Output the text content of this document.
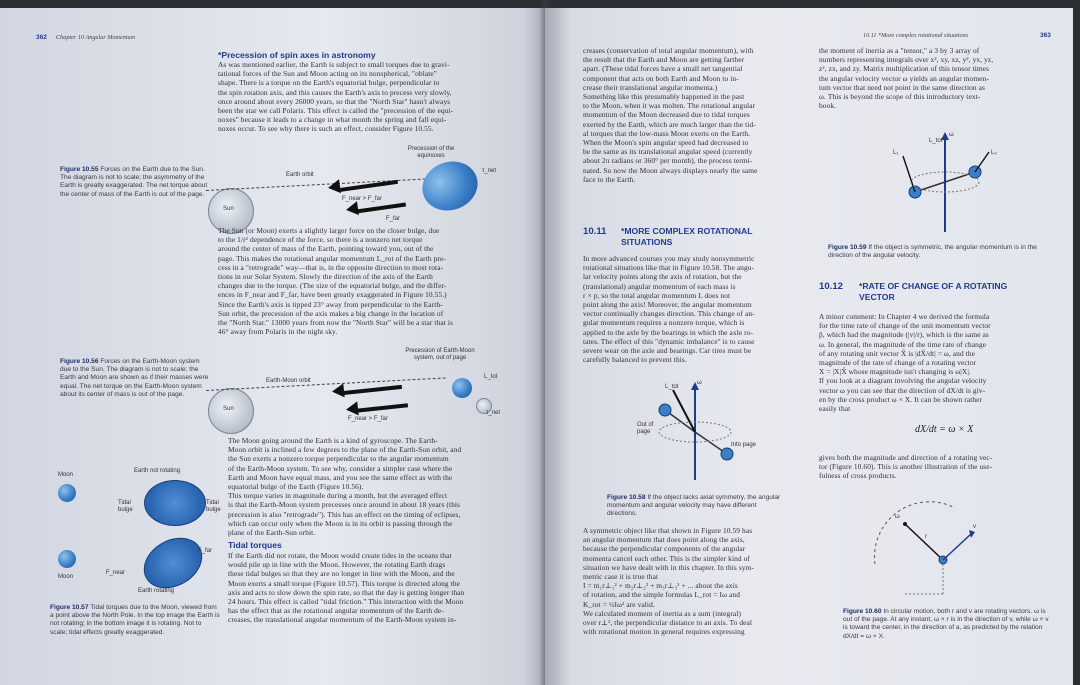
362 Chapter 10 Angular Momentum
*Precession of spin axes in astronomy
As was mentioned earlier, the Earth is subject to small torques due to gravi-
tational forces of the Sun and Moon acting on its nonspherical, "oblate"
shape. There is a torque on the Earth's equatorial bulge, perpendicular to
the spin rotation axis, and this causes the Earth's axis to precess very slowly,
once around about every 26000 years, so that the "North Star" hasn't always
been the star we call Polaris. This effect is called the "precession of the equi-
noxes" because it leads to a change in what month the spring and fall equi-
noxes occur. To see why there is such an effect, consider Figure 10.55.
Figure 10.55 Forces on the Earth due to the Sun. The diagram is not to scale; the asymmetry of the Earth is greatly exaggerated. The net torque about the center of mass of the Earth is out of the page.
Sun
Earth orbit
Precession of the equinoxes
F_near > F_far
F_far
τ_net
The Sun (or Moon) exerts a slightly larger force on the closer bulge, due
to the 1/r² dependence of the force, so there is a nonzero net torque
around the center of mass of the Earth, pointing toward you, out of the
page. This makes the rotational angular momentum L_rot of the Earth pre-
cess in a "retrograde" way—that is, in the opposite direction to most rota-
tions in our Solar System. Slowly the direction of the axis of the Earth
changes due to the torque. (The size of the equatorial bulge, and the differ-
ences in F_near and F_far, have been greatly exaggerated in Figure 10.55.)
Since the Earth's axis is tipped 23° away from perpendicular to the Earth-
Sun orbit, the precession of the axis makes a big change in the location of
the "North Star." 13000 years from now the "North Star" will be a star that is
46° away from Polaris in the night sky.
Figure 10.56 Forces on the Earth-Moon system due to the Sun. The diagram is not to scale; the Earth and Moon are shown as if their masses were equal. The net torque on the Earth-Moon system about its center of mass is out of the page.
Sun
Earth-Moon orbit
Precession of Earth-Moon system, out of page
F_near > F_far
L_tot
τ_net
The Moon going around the Earth is a kind of gyroscope. The Earth-
Moon orbit is inclined a few degrees to the plane of the Earth-Sun orbit, and
the Sun exerts a nonzero torque perpendicular to the angular momentum
of the Earth-Moon system. To see why, consider a simpler case where the
Earth and Moon have equal mass, and you see the same effect as with the
equatorial bulge of the Earth (Figure 10.56).
This torque varies in magnitude during a month, but the averaged effect
is that the Earth-Moon system precesses once around in about 18 years (this
precession is also "retrograde"). This has an effect on the timing of eclipses,
which can occur only when the Moon is in its orbit is passing through the
plane of the Earth-Sun orbit.
Tidal torques
If the Earth did not rotate, the Moon would create tides in the oceans that
would pile up in line with the Moon. However, the rotating Earth drags
these tidal bulges so that they are no longer in line with the Moon, and the
Moon exerts a small torque (Figure 10.57). This torque is directed along the
axis and acts to slow down the spin rate, so that the day is getting longer than
24 hours. This effect is called "tidal friction." This interaction with the Moon
has the effect that as the rotational angular momentum of the Earth de-
creases, the translational angular momentum of the Earth-Moon system in-
Moon
Earth not rotating
Tidal bulge
Tidal bulge
Moon
Earth rotating
F_near
F_far
Figure 10.57 Tidal torques due to the Moon, viewed from a point above the North Pole. In the top image the Earth is not rotating; in the bottom image it is rotating. Not to scale; tidal effects greatly exaggerated.
10.11 *More complex rotational situations	363
creases (conservation of total angular momentum), with
the result that the Earth and Moon are getting farther
apart. (These tidal forces have a small net tangential
component that acts on both Earth and Moon to in-
crease their translational angular momenta.)
Something like this presumably happened in the past
to the Moon, when it was molten. The rotational angular
momentum of the Moon decreased due to tidal torques
exerted by the Earth, which are much larger than the tid-
al torques that the low-mass Moon exerts on the Earth.
When the Moon's spin angular speed had decreased to
be the same as its translational angular speed (currently
about 2π radians or 360° per month), the process termi-
nated. So now the Moon always displays nearly the same
face to the Earth.
10.11 *MORE COMPLEX ROTATIONAL
SITUATIONS
In more advanced courses you may study nonsymmetric
rotational situations like that in Figure 10.58. The angu-
lar velocity points along the axis of rotation, but the
(translational) angular momentum of each mass is
r × p, so the total angular momentum L does not
point along the axis! Moreover, the angular momentum
vector continually changes direction. This change of an-
gular momentum requires a nonzero torque, which is
applied to the axle by the bearings in which the axle ro-
tates. The effect of this "dynamic imbalance" is to cause
severe wear on the axle and bearings. Car tires must be
carefully balanced to prevent this.
ω
L_tot
Into page
Out of page
Figure 10.58 If the object lacks axial symmetry, the angular momentum and angular velocity may have different directions.
A symmetric object like that shown in Figure 10.59 has
an angular momentum that does point along the axis,
because the perpendicular components of the angular
momenta cancel each other. This is the simpler kind of
situation we have dealt with in this chapter. In this sym-
metric case it is true that
I = m₁r⊥₁² + m₂r⊥₂² + m₃r⊥₃² + ... about the axis
of rotation, and the simple formulas L_rot = Iω and
K_rot = ½Iω² are valid.
We calculated moment of inertia as a sum (integral)
over r⊥², the perpendicular distance to an axis. To deal
with rotational motion in general requires expressing
the moment of inertia as a "tensor," a 3 by 3 array of
numbers representing integrals over x², xy, xz, y², yx, yz,
z², zx, and zy. Matrix multiplication of this tensor times
the angular velocity vector ω yields an angular momen-
tum vector that need not point in the same direction as
ω. This is beyond the scope of this introductory text-
book.
ω
L_tot
L₁	L₂
Figure 10.59 If the object is symmetric, the angular momentum is in the direction of the angular velocity.
10.12 *RATE OF CHANGE OF A ROTATING
VECTOR
A minor comment: In Chapter 4 we derived the formula
for the time rate of change of the unit momentum vector
p̂, which had the magnitude (|v|/r), which is the same as
ω. In general, the magnitude of the time rate of change
of any rotating unit vector X̂ is |dX̂/dt| = ω, and the
magnitude of the rate of change of a rotating vector
X = |X|X̂ whose magnitude isn't changing is ω|X|.
If you look at a diagram involving the angular velocity
vector ω you can see that the direction of dX/dt is giv-
en by the cross product ω × X. It can be shown rather
easily that
dX/dt = ω × X
gives both the magnitude and direction of a rotating vec-
tor (Figure 10.60). This is another illustration of the use-
fulness of cross products.
ω
v
r
Figure 10.60 In circular motion, both r and v are rotating vectors. ω is out of the page. At any instant, ω × r is in the direction of v, while ω × v is toward the center, in the direction of a, as predicted by the relation dX/dt = ω × X.
